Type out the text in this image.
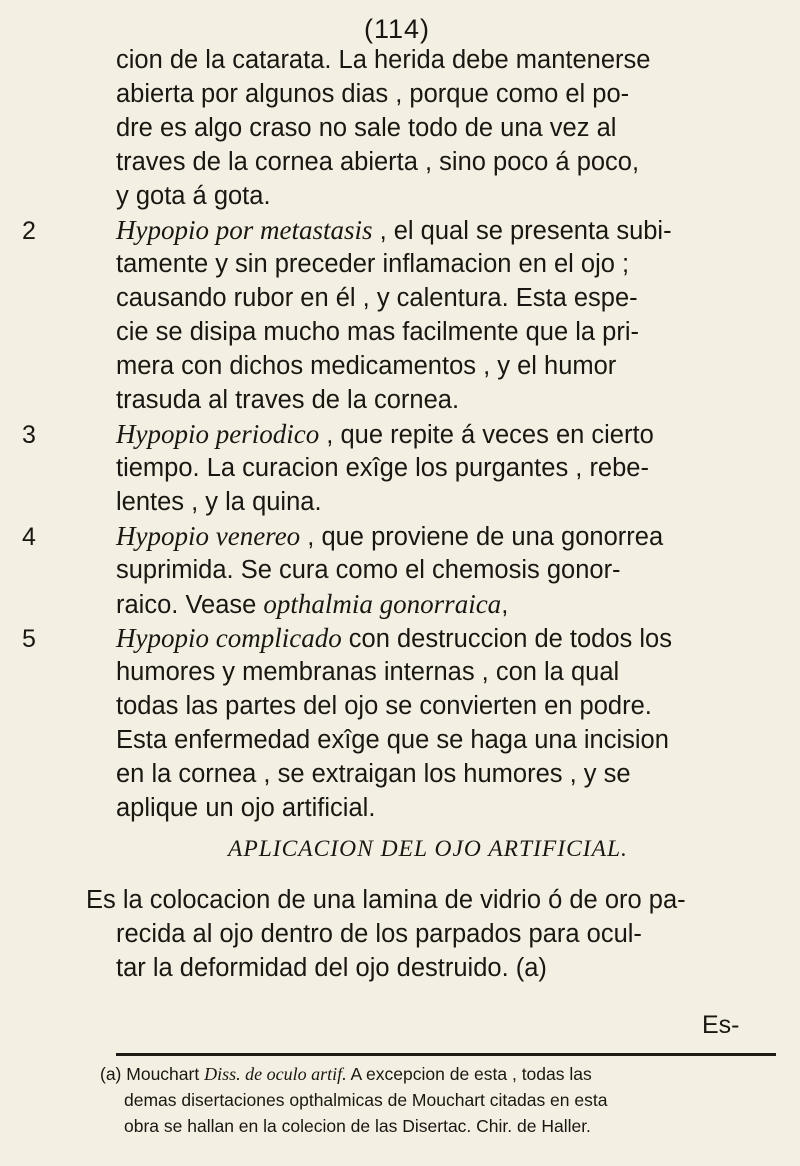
(114)
cion de la catarata. La herida debe mantenerse
abierta por algunos dias , porque como el po-
dre es algo craso no sale todo de una vez al
traves de la cornea abierta , sino poco á poco,
y gota á gota.
2	Hypopio por metastasis , el qual se presenta subi-
tamente y sin preceder inflamacion en el ojo ;
causando rubor en él , y calentura. Esta espe-
cie se disipa mucho mas facilmente que la pri-
mera con dichos medicamentos , y el humor
trasuda al traves de la cornea.
3	Hypopio periodico , que repite á veces en cierto
tiempo. La curacion exîge los purgantes , rebe-
lentes , y la quina.
4	Hypopio venereo , que proviene de una gonorrea
suprimida. Se cura como el chemosis gonor-
raico. Vease opthalmia gonorraica,
5	Hypopio complicado con destruccion de todos los
humores y membranas internas , con la qual
todas las partes del ojo se convierten en podre.
Esta enfermedad exîge que se haga una incision
en la cornea , se extraigan los humores , y se
aplique un ojo artificial.
APLICACION DEL OJO ARTIFICIAL.
Es la colocacion de una lamina de vidrio ó de oro pa-
recida al ojo dentro de los parpados para ocul-
tar la deformidad del ojo destruido. (a)
Es-
(a) Mouchart Diss. de oculo artif. A excepcion de esta , todas las
demas disertaciones opthalmicas de Mouchart citadas en esta
obra se hallan en la colecion de las Disertac. Chir. de Haller.
